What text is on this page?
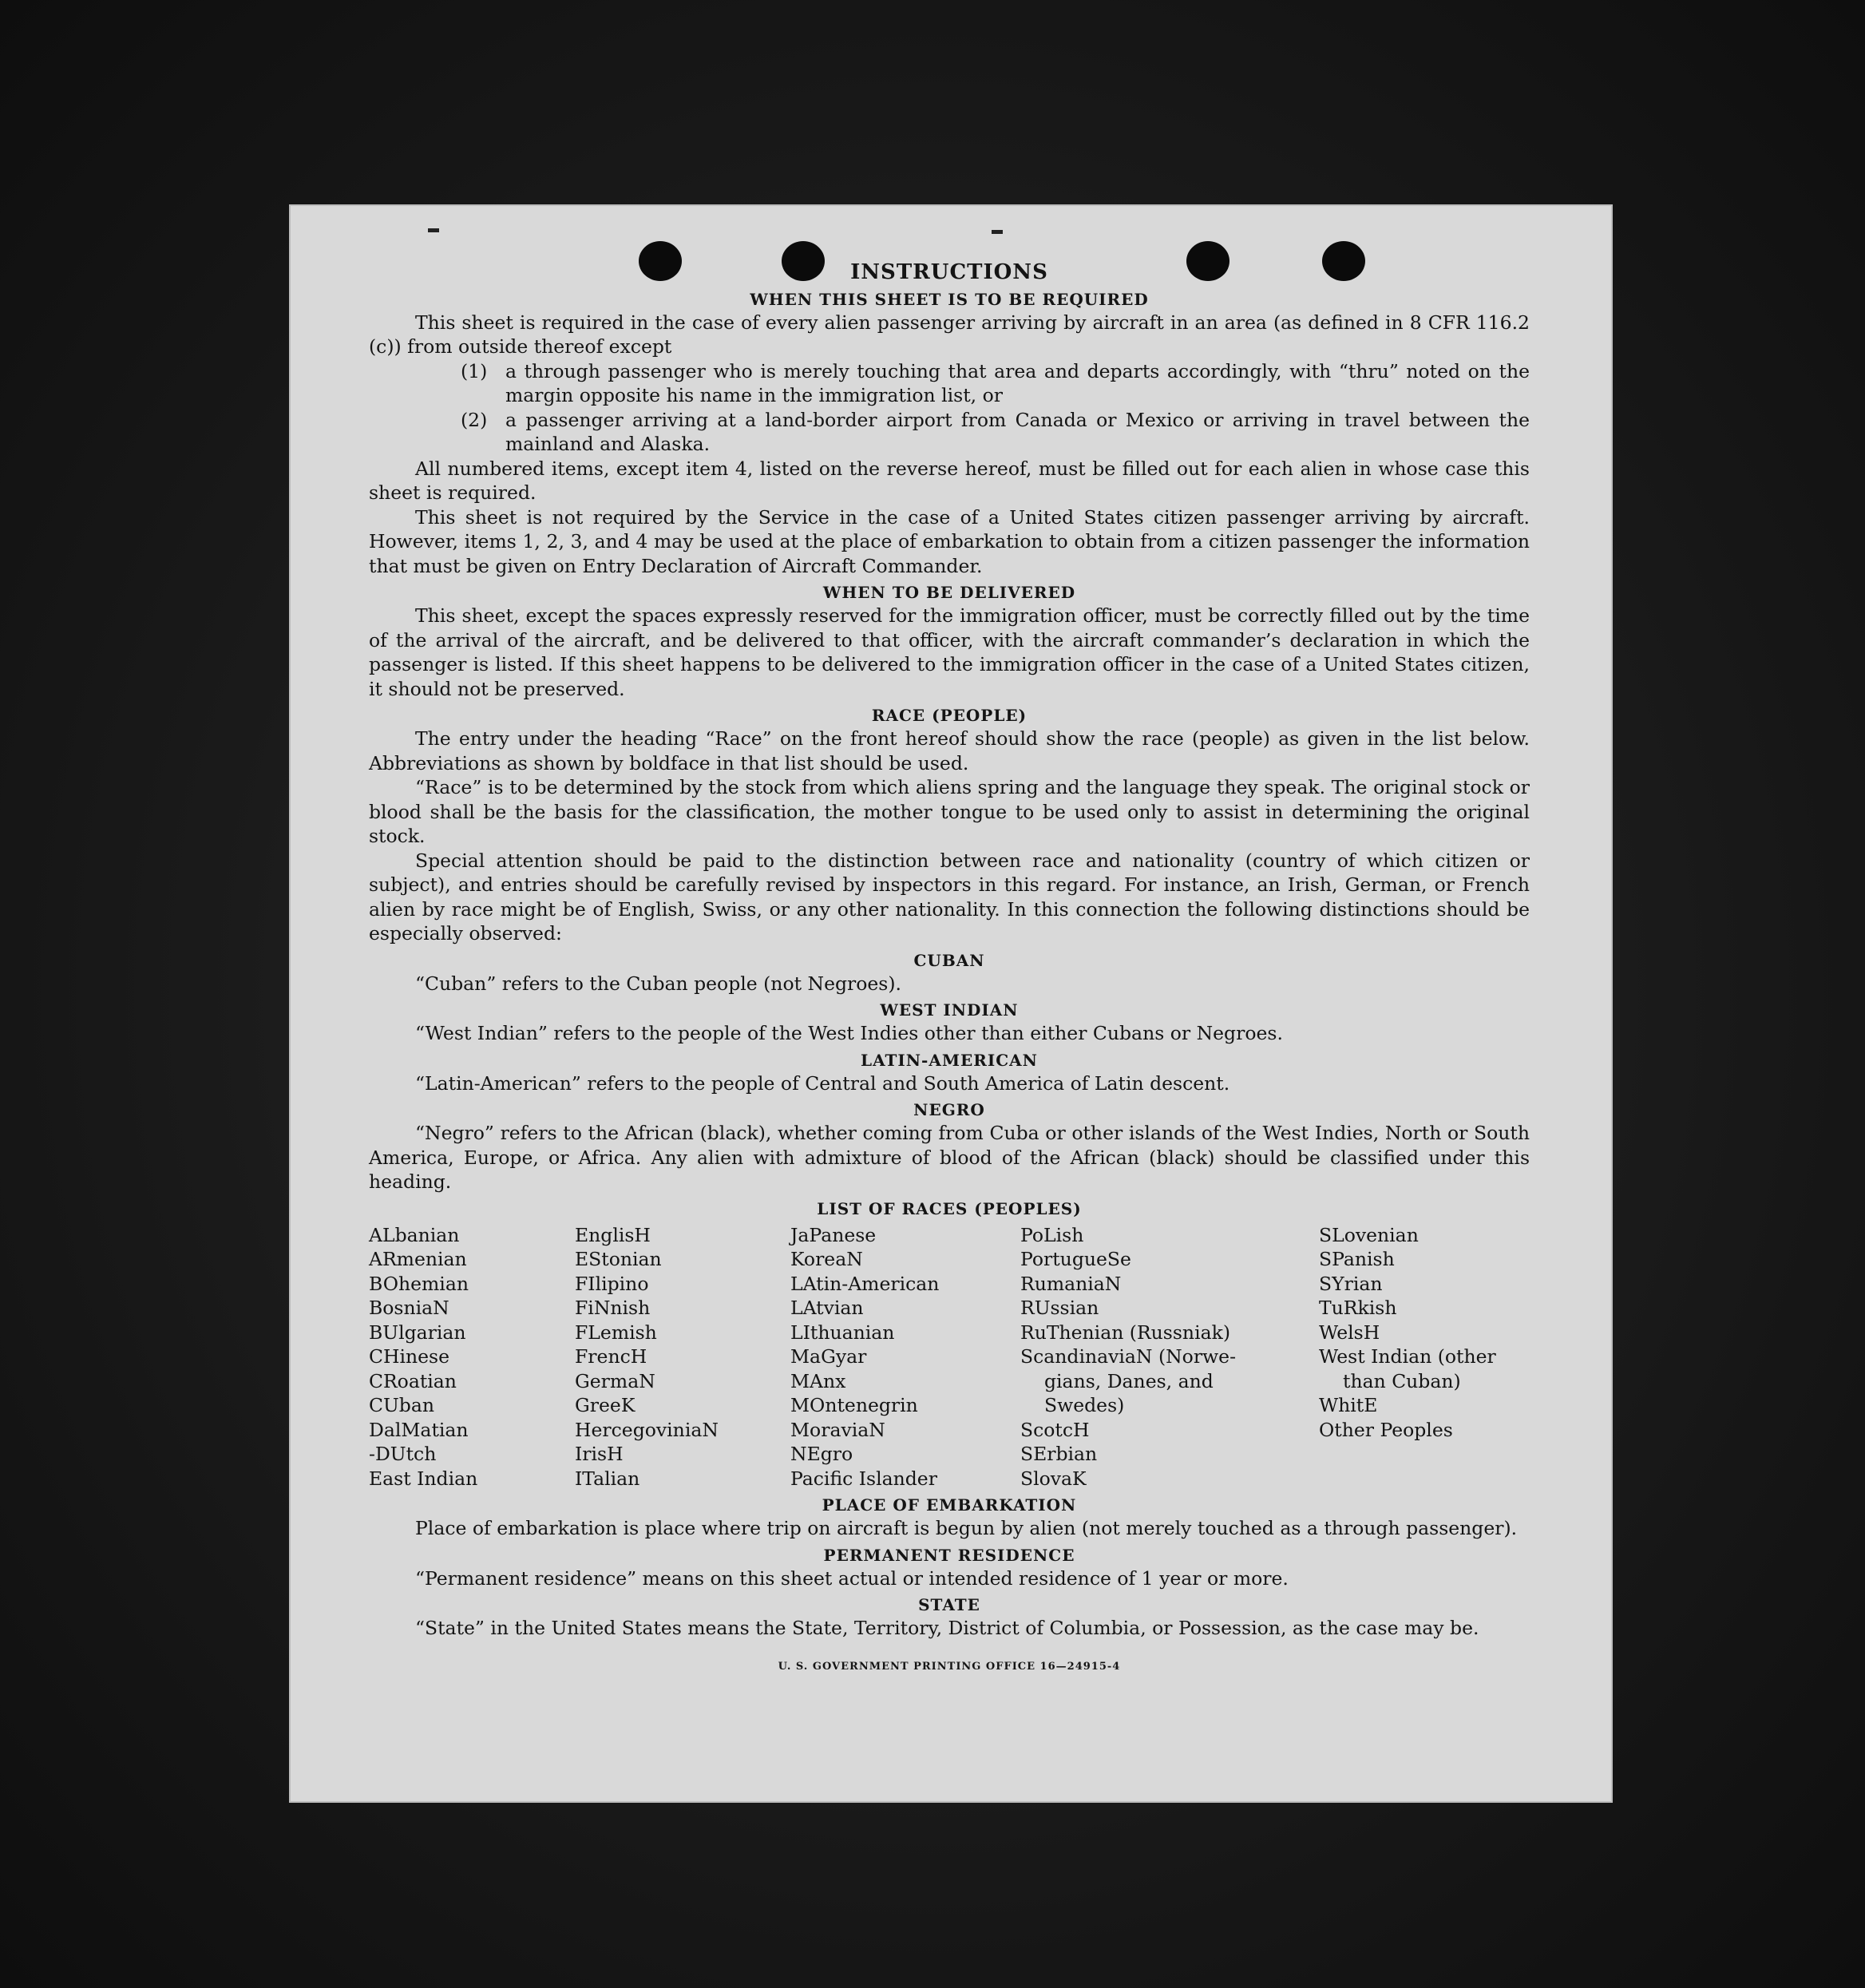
INSTRUCTIONS
WHEN THIS SHEET IS TO BE REQUIRED

This sheet is required in the case of every alien passenger arriving by aircraft in an area (as defined in 8 CFR 116.2 (c)) from outside thereof except

(1) a through passenger who is merely touching that area and departs accordingly, with “thru” noted on the margin opposite his name in the immigration list, or
(2) a passenger arriving at a land-border airport from Canada or Mexico or arriving in travel between the mainland and Alaska.

All numbered items, except item 4, listed on the reverse hereof, must be filled out for each alien in whose case this sheet is required.

This sheet is not required by the Service in the case of a United States citizen passenger arriving by aircraft. However, items 1, 2, 3, and 4 may be used at the place of embarkation to obtain from a citizen passenger the information that must be given on Entry Declaration of Aircraft Commander.

WHEN TO BE DELIVERED

This sheet, except the spaces expressly reserved for the immigration officer, must be correctly filled out by the time of the arrival of the aircraft, and be delivered to that officer, with the aircraft commander’s declaration in which the passenger is listed. If this sheet happens to be delivered to the immigration officer in the case of a United States citizen, it should not be preserved.

RACE (PEOPLE)

The entry under the heading “Race” on the front hereof should show the race (people) as given in the list below. Abbreviations as shown by boldface in that list should be used.

“Race” is to be determined by the stock from which aliens spring and the language they speak. The original stock or blood shall be the basis for the classification, the mother tongue to be used only to assist in determining the original stock.

Special attention should be paid to the distinction between race and nationality (country of which citizen or subject), and entries should be carefully revised by inspectors in this regard. For instance, an Irish, German, or French alien by race might be of English, Swiss, or any other nationality. In this connection the following distinctions should be especially observed:

CUBAN

“Cuban” refers to the Cuban people (not Negroes).

WEST INDIAN

“West Indian” refers to the people of the West Indies other than either Cubans or Negroes.

LATIN-AMERICAN

“Latin-American” refers to the people of Central and South America of Latin descent.

NEGRO

“Negro” refers to the African (black), whether coming from Cuba or other islands of the West Indies, North or South America, Europe, or Africa. Any alien with admixture of blood of the African (black) should be classified under this heading.

LIST OF RACES (PEOPLES)
ALbanian
ARmenian
BOhemian
BosniaN
BUlgarian
CHinese
CRoatian
CUban
DalMatian
-DUtch
East Indian
EnglisH
EStonian
FIlipino
FiNnish
FLemish
FrencH
GermaN
GreeK
HercegoviniaN
IrisH
ITalian
JaPanese
KoreaN
LAtin-American
LAtvian
LIthuanian
MaGyar
MAnx
MOntenegrin
MoraviaN
NEgro
Pacific Islander
PoLish
PortugueSe
RumaniaN
RUssian
RuThenian (Russniak)
ScandinaviaN (Norwe-
gians, Danes, and
Swedes)
ScotcH
SErbian
SlovaK
SLovenian
SPanish
SYrian
TuRkish
WelsH
West Indian (other
than Cuban)
WhitE
Other Peoples
PLACE OF EMBARKATION

Place of embarkation is place where trip on aircraft is begun by alien (not merely touched as a through passenger).

PERMANENT RESIDENCE

“Permanent residence” means on this sheet actual or intended residence of 1 year or more.

STATE

“State” in the United States means the State, Territory, District of Columbia, or Possession, as the case may be.

U. S. GOVERNMENT PRINTING OFFICE 16—24915-4
